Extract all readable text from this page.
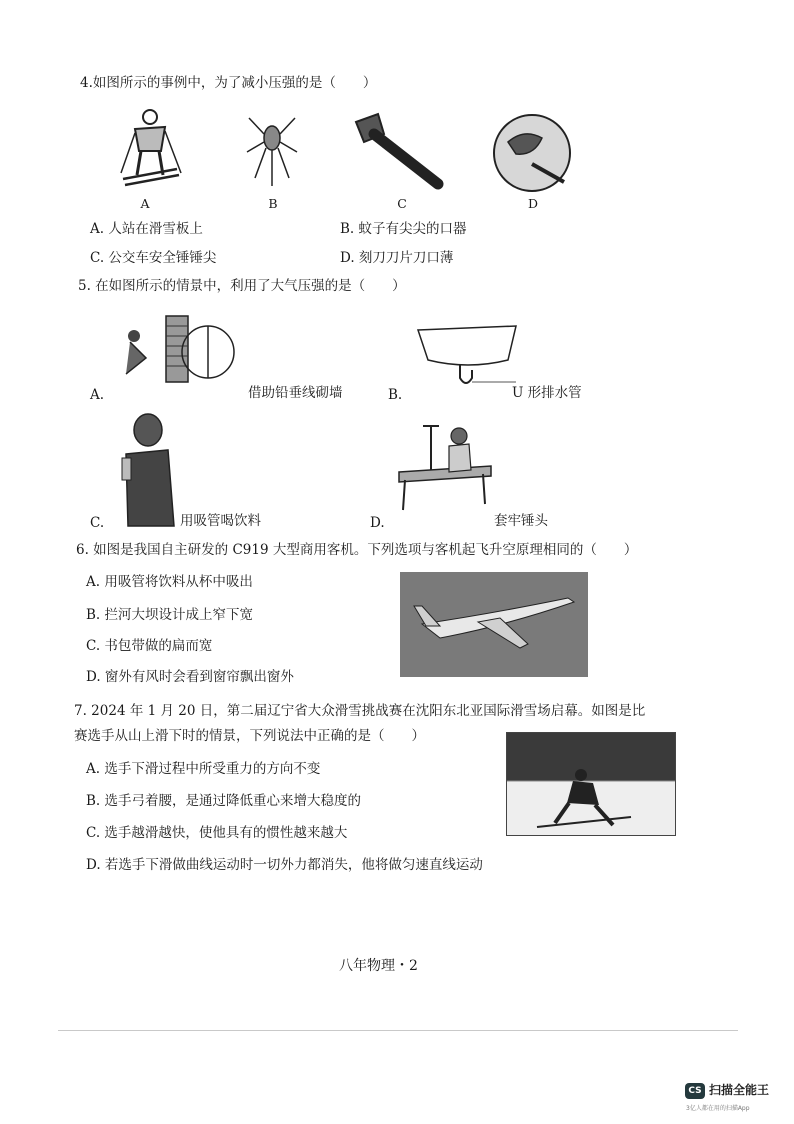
4.如图所示的事例中，为了减小压强的是（　　）
A	B	C	D
A. 人站在滑雪板上	B. 蚊子有尖尖的口器
C. 公交车安全锤锤尖	D. 刻刀刀片刀口薄
5. 在如图所示的情景中，利用了大气压强的是（　　）
A.	借助铅垂线砌墙	B.	U 形排水管
C.	用吸管喝饮料	D.	套牢锤头
6. 如图是我国自主研发的 C919 大型商用客机。下列选项与客机起飞升空原理相同的（　　）
A. 用吸管将饮料从杯中吸出
B. 拦河大坝设计成上窄下宽
C. 书包带做的扁而宽
D. 窗外有风时会看到窗帘飘出窗外
7. 2024 年 1 月 20 日，第二届辽宁省大众滑雪挑战赛在沈阳东北亚国际滑雪场启幕。如图是比
赛选手从山上滑下时的情景，下列说法中正确的是（　　）
A. 选手下滑过程中所受重力的方向不变
B. 选手弓着腰，是通过降低重心来增大稳度的
C. 选手越滑越快，使他具有的惯性越来越大
D. 若选手下滑做曲线运动时一切外力都消失，他将做匀速直线运动
八年物理・2
CS 扫描全能王
3亿人都在用的扫描App
